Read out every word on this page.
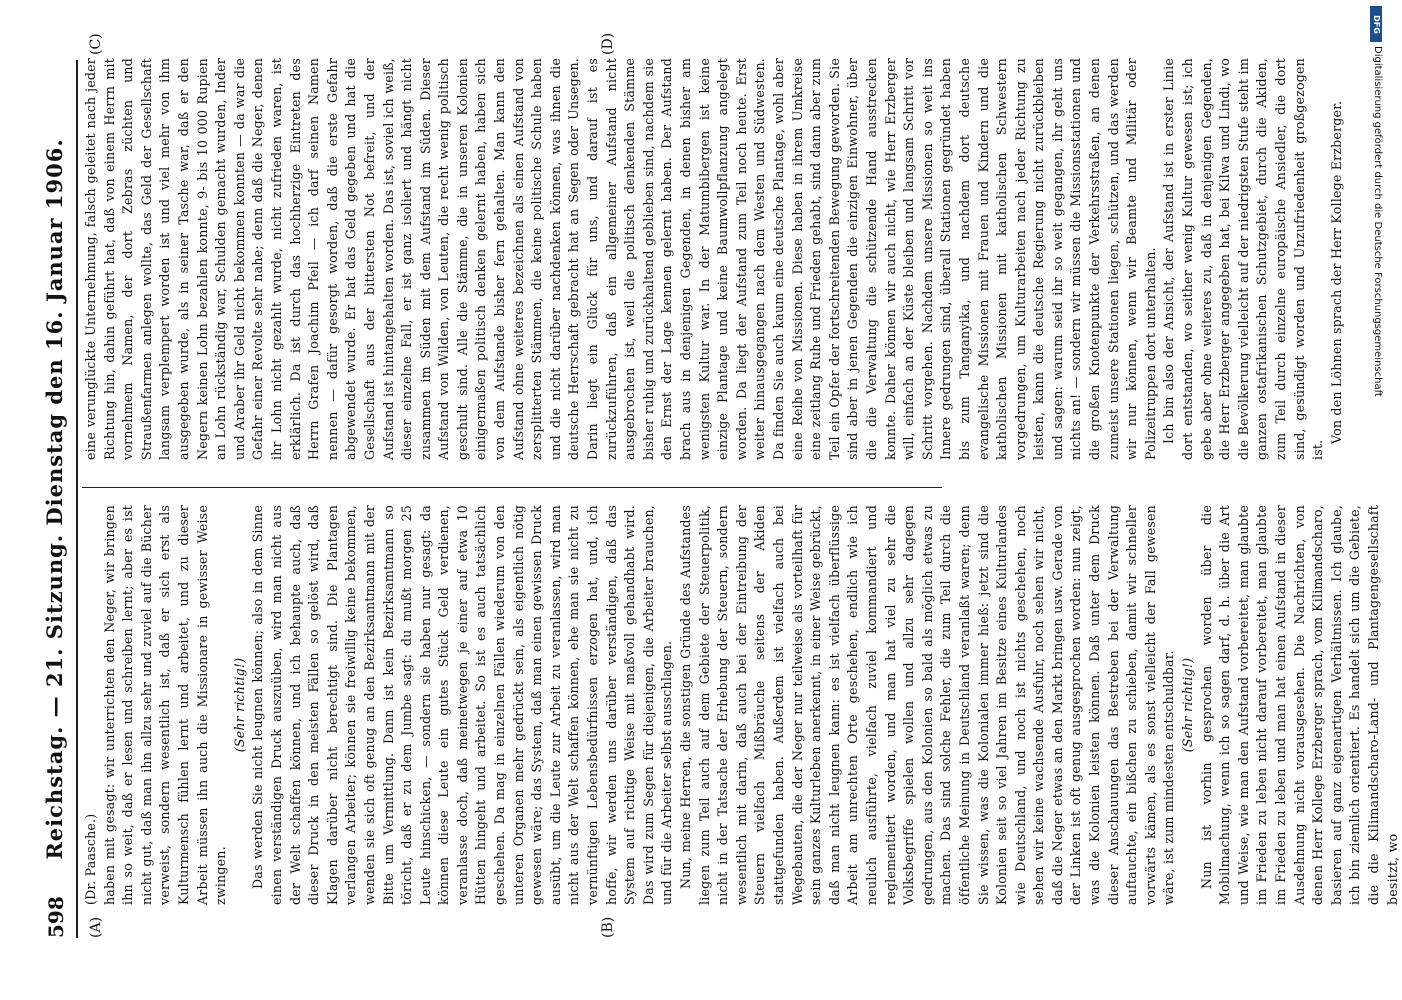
598
Reichstag. — 21. Sitzung. Dienstag den 16. Januar 1906.
(A)	(B)
(C)	(D)

(Dr. Paasche.) haben mit gesagt: wir unterrichten den Neger, wir bringen ihn so weit, daß er lesen und schreiben lernt; aber es ist nicht gut, daß man ihn allzu sehr und zuviel auf die Bücher verweist, sondern wesentlich ist, daß er sich erst als Kulturmensch fühlen lernt und arbeitet, und zu dieser Arbeit müssen ihn auch die Missionare in gewisser Weise zwingen.

(Sehr richtig!) Das werden Sie nicht leugnen können; also in dem Sinne einen verständigen Druck auszuüben, wird man nicht aus der Welt schaffen können, und ich behaupte auch, daß dieser Druck in den meisten Fällen so gelöst wird, daß Klagen darüber nicht berechtigt sind. Die Plantagen verlangen Arbeiter; können sie freiwillig keine bekommen, wenden sie sich oft genug an den Bezirksamtmann mit der Bitte um Vermittlung. Dann ist kein Bezirksamtmann so töricht, daß er zu dem Jumbe sagt: du mußt morgen 25 Leute hinschicken, — sondern sie haben nur gesagt: da können diese Leute ein gutes Stück Geld verdienen, veranlasse doch, daß meinetwegen je einer auf etwa 10 Hütten hingeht und arbeitet. So ist es auch tatsächlich geschehen. Da mag in einzelnen Fällen wiederum von den unteren Organen mehr gedrückt sein, als eigentlich nötig gewesen wäre; das System, daß man einen gewissen Druck ausübt, um die Leute zur Arbeit zu veranlassen, wird man nicht aus der Welt schaffen können, ehe man sie nicht zu vernünftigen Lebensbedürfnissen erzogen hat, und, ich hoffe, wir werden uns darüber verständigen, daß das System auf richtige Weise mit maßvoll gehandhabt wird. Das wird zum Segen für diejenigen, die Arbeiter brauchen, und für die Arbeiter selbst ausschlagen. Nun, meine Herren, die sonstigen Gründe des Aufstandes liegen zum Teil auch auf dem Gebiete der Steuerpolitik, nicht in der Tatsache der Erhebung der Steuern, sondern wesentlich mit darin, daß auch bei der Eintreibung der Steuern vielfach Mißbräuche seitens der Akiden stattgefunden haben. Außerdem ist vielfach auch bei Wegebauten, die der Neger nur teilweise als vorteilhaft für sein ganzes Kulturleben anerkennt, in einer Weise gebrückt, daß man nicht leugnen kann: es ist vielfach überflüssige Arbeit am unrechten Orte geschehen, endlich wie ich neulich ausführte, vielfach zuviel kommandiert und reglementiert worden, und man hat viel zu sehr die Volksbegriffe spielen wollen und allzu sehr dagegen gedrungen, aus den Kolonien so bald als möglich etwas zu machen. Das sind solche Fehler, die zum Teil durch die öffentliche Meinung in Deutschland veranlaßt waren; denn Sie wissen, was die Kolonialen immer hieß: jetzt sind die Kolonien seit so viel Jahren im Besitze eines Kulturlandes wie Deutschland, und noch ist nichts geschehen, noch sehen wir keine wachsende Ausfuhr, noch sehen wir nicht, daß die Neger etwas an den Markt bringen usw. Gerade von der Linken ist oft genug ausgesprochen worden: nun zeigt, was die Kolonien leisten können. Daß unter dem Druck dieser Anschauungen das Bestreben bei der Verwaltung auftauchte, ein bißchen zu schieben, damit wir schneller vorwärts kämen, als es sonst vielleicht der Fall gewesen wäre, ist zum mindesten entschuldbar. (Sehr richtig!) Nun ist vorhin gesprochen worden über die Mobilmachung, wenn ich so sagen darf, d. h. über die Art und Weise, wie man den Aufstand vorbereitet, man glaubte im Frieden zu leben nicht darauf vorbereitet, man glaubte im Frieden zu leben und man hat einen Aufstand in dieser Ausdehnung nicht vorausgesehen. Die Nachrichten, von denen Herr Kollege Erzberger sprach, vom Kilimandscharo, basieren auf ganz eigenartigen Verhältnissen. Ich glaube, ich bin ziemlich orientiert. Es handelt sich um die Gebiete, die die Kilimandscharo-Land- und Plantagengesellschaft besitzt, wo

eine verunglückte Unternehmung, falsch geleitet nach jeder Richtung hin, dahin geführt hat, daß von einem Herrn mit vornehmem Namen, der dort Zebras züchten und Straußenfarmen anlegen wollte, das Geld der Gesellschaft langsam verplempert worden ist und viel mehr von ihm ausgegeben wurde, als in seiner Tasche war, daß er den Negern keinen Lohn bezahlen konnte, 9- bis 10 000 Rupien an Lohn rückständig war, Schulden gemacht wurden, Inder und Araber ihr Geld nicht bekommen konnten — da war die Gefahr einer Revolte sehr nahe; denn daß die Neger, denen ihr Lohn nicht gezahlt wurde, nicht zufrieden waren, ist erklärlich. Da ist durch das hochherzige Eintreten des Herrn Grafen Joachim Pfeil — ich darf seinen Namen nennen — dafür gesorgt worden, daß die erste Gefahr abgewendet wurde. Er hat das Geld gegeben und hat die Gesellschaft aus der bittersten Not befreit, und der Aufstand ist hintangehalten worden. Das ist, soviel ich weiß, dieser einzelne Fall, er ist ganz isoliert und hängt nicht zusammen im Süden mit dem Aufstand im Süden. Dieser Aufstand von Wilden, von Leuten, die recht wenig politisch geschult sind. Alle die Stämme, die in unseren Kolonien einigermaßen politisch denken gelernt haben, haben sich von dem Aufstande bisher fern gehalten. Man kann den Aufstand ohne weiteres bezeichnen als einen Aufstand von zersplitterten Stämmen, die keine politische Schule haben und die nicht darüber nachdenken können, was ihnen die deutsche Herrschaft gebracht hat an Segen oder Unsegen. Darin liegt ein Glück für uns, und darauf ist es zurückzuführen, daß ein allgemeiner Aufstand nicht ausgebrochen ist, weil die politisch denkenden Stämme bisher ruhig und zurückhaltend geblieben sind, nachdem sie den Ernst der Lage kennen gelernt haben. Der Aufstand brach aus in denjenigen Gegenden, in denen bisher am wenigsten Kultur war. In der Matumbibergen ist keine einzige Plantage und keine Baumwollpflanzung angelegt worden. Da liegt der Aufstand zum Teil noch heute. Erst weiter hinausgegangen nach dem Westen und Südwesten. Da finden Sie auch kaum eine deutsche Plantage, wohl aber eine Reihe von Missionen. Diese haben in ihrem Umkreise eine zeitlang Ruhe und Frieden gehabt, sind dann aber zum Teil ein Opfer der fortschreitenden Bewegung geworden. Sie sind aber in jenen Gegenden die einzigen Einwohner, über die die Verwaltung die schützende Hand ausstrecken konnte. Daher können wir auch nicht, wie Herr Erzberger will, einfach an der Küste bleiben und langsam Schritt vor Schritt vorgehen. Nachdem unsere Missionen so weit ins Innere gedrungen sind, überall Stationen gegründet haben bis zum Tanganyika, und nachdem dort deutsche evangelische Missionen mit Frauen und Kindern und die katholischen Missionen mit katholischen Schwestern vorgedrungen, um Kulturarbeiten nach jeder Richtung zu leisten, kann die deutsche Regierung nicht zurückbleiben und sagen: warum seid ihr so weit gegangen, ihr geht uns nichts an! — sondern wir müssen die Missionsstationen und die großen Knotenpunkte der Verkehrsstraßen, an denen zumeist unsere Stationen liegen, schützen, und das werden wir nur können, wenn wir Beamte und Militär oder Polizeitruppen dort unterhalten. Ich bin also der Ansicht, der Aufstand ist in erster Linie dort entstanden, wo seither wenig Kultur gewesen ist; ich gebe aber ohne weiteres zu, daß in denjenigen Gegenden, die Herr Erzberger angegeben hat, bei Kilwa und Lindi, wo die Bevölkerung vielleicht auf der niedrigsten Stufe steht im ganzen ostafrikanischen Schutzgebiet, durch die Akiden, zum Teil durch einzelne europäische Ansiedler, die dort sind, gesündigt worden und Unzufriedenheit großgezogen ist.

Von den Löhnen sprach der Herr Kollege Erzberger.

DFG
Digitalisierung gefördert durch die Deutsche Forschungsgemeinschaft
